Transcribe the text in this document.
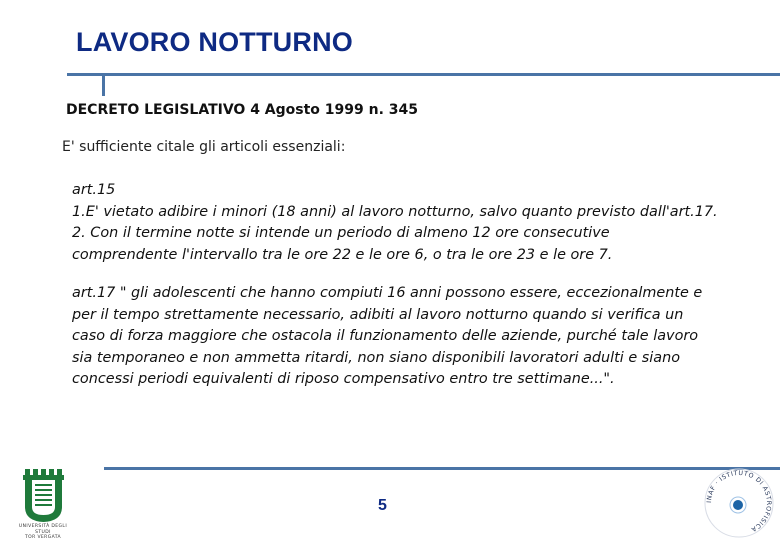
LAVORO NOTTURNO
DECRETO LEGISLATIVO 4 Agosto 1999 n. 345
E' sufficiente citale gli articoli essenziali:
art.15
1.E' vietato adibire i minori (18 anni) al lavoro notturno, salvo quanto previsto dall'art.17.
2. Con il termine notte si intende un periodo di almeno 12 ore consecutive
comprendente l'intervallo tra le ore 22 e le ore 6, o tra le ore 23 e le ore 7.
art.17 " gli adolescenti che hanno compiuti 16 anni possono essere, eccezionalmente e
per il tempo strettamente necessario, adibiti al lavoro notturno quando si verifica un
caso di forza maggiore che ostacola il funzionamento delle aziende, purché tale lavoro
sia temporaneo e non ammetta ritardi, non siano disponibili lavoratori adulti e siano
concessi periodi equivalenti di riposo compensativo entro tre settimane...".
5
UNIVERSITÀ DEGLI STUDI
TOR VERGATA
INAF · ISTITUTO DI ASTROFISICA
